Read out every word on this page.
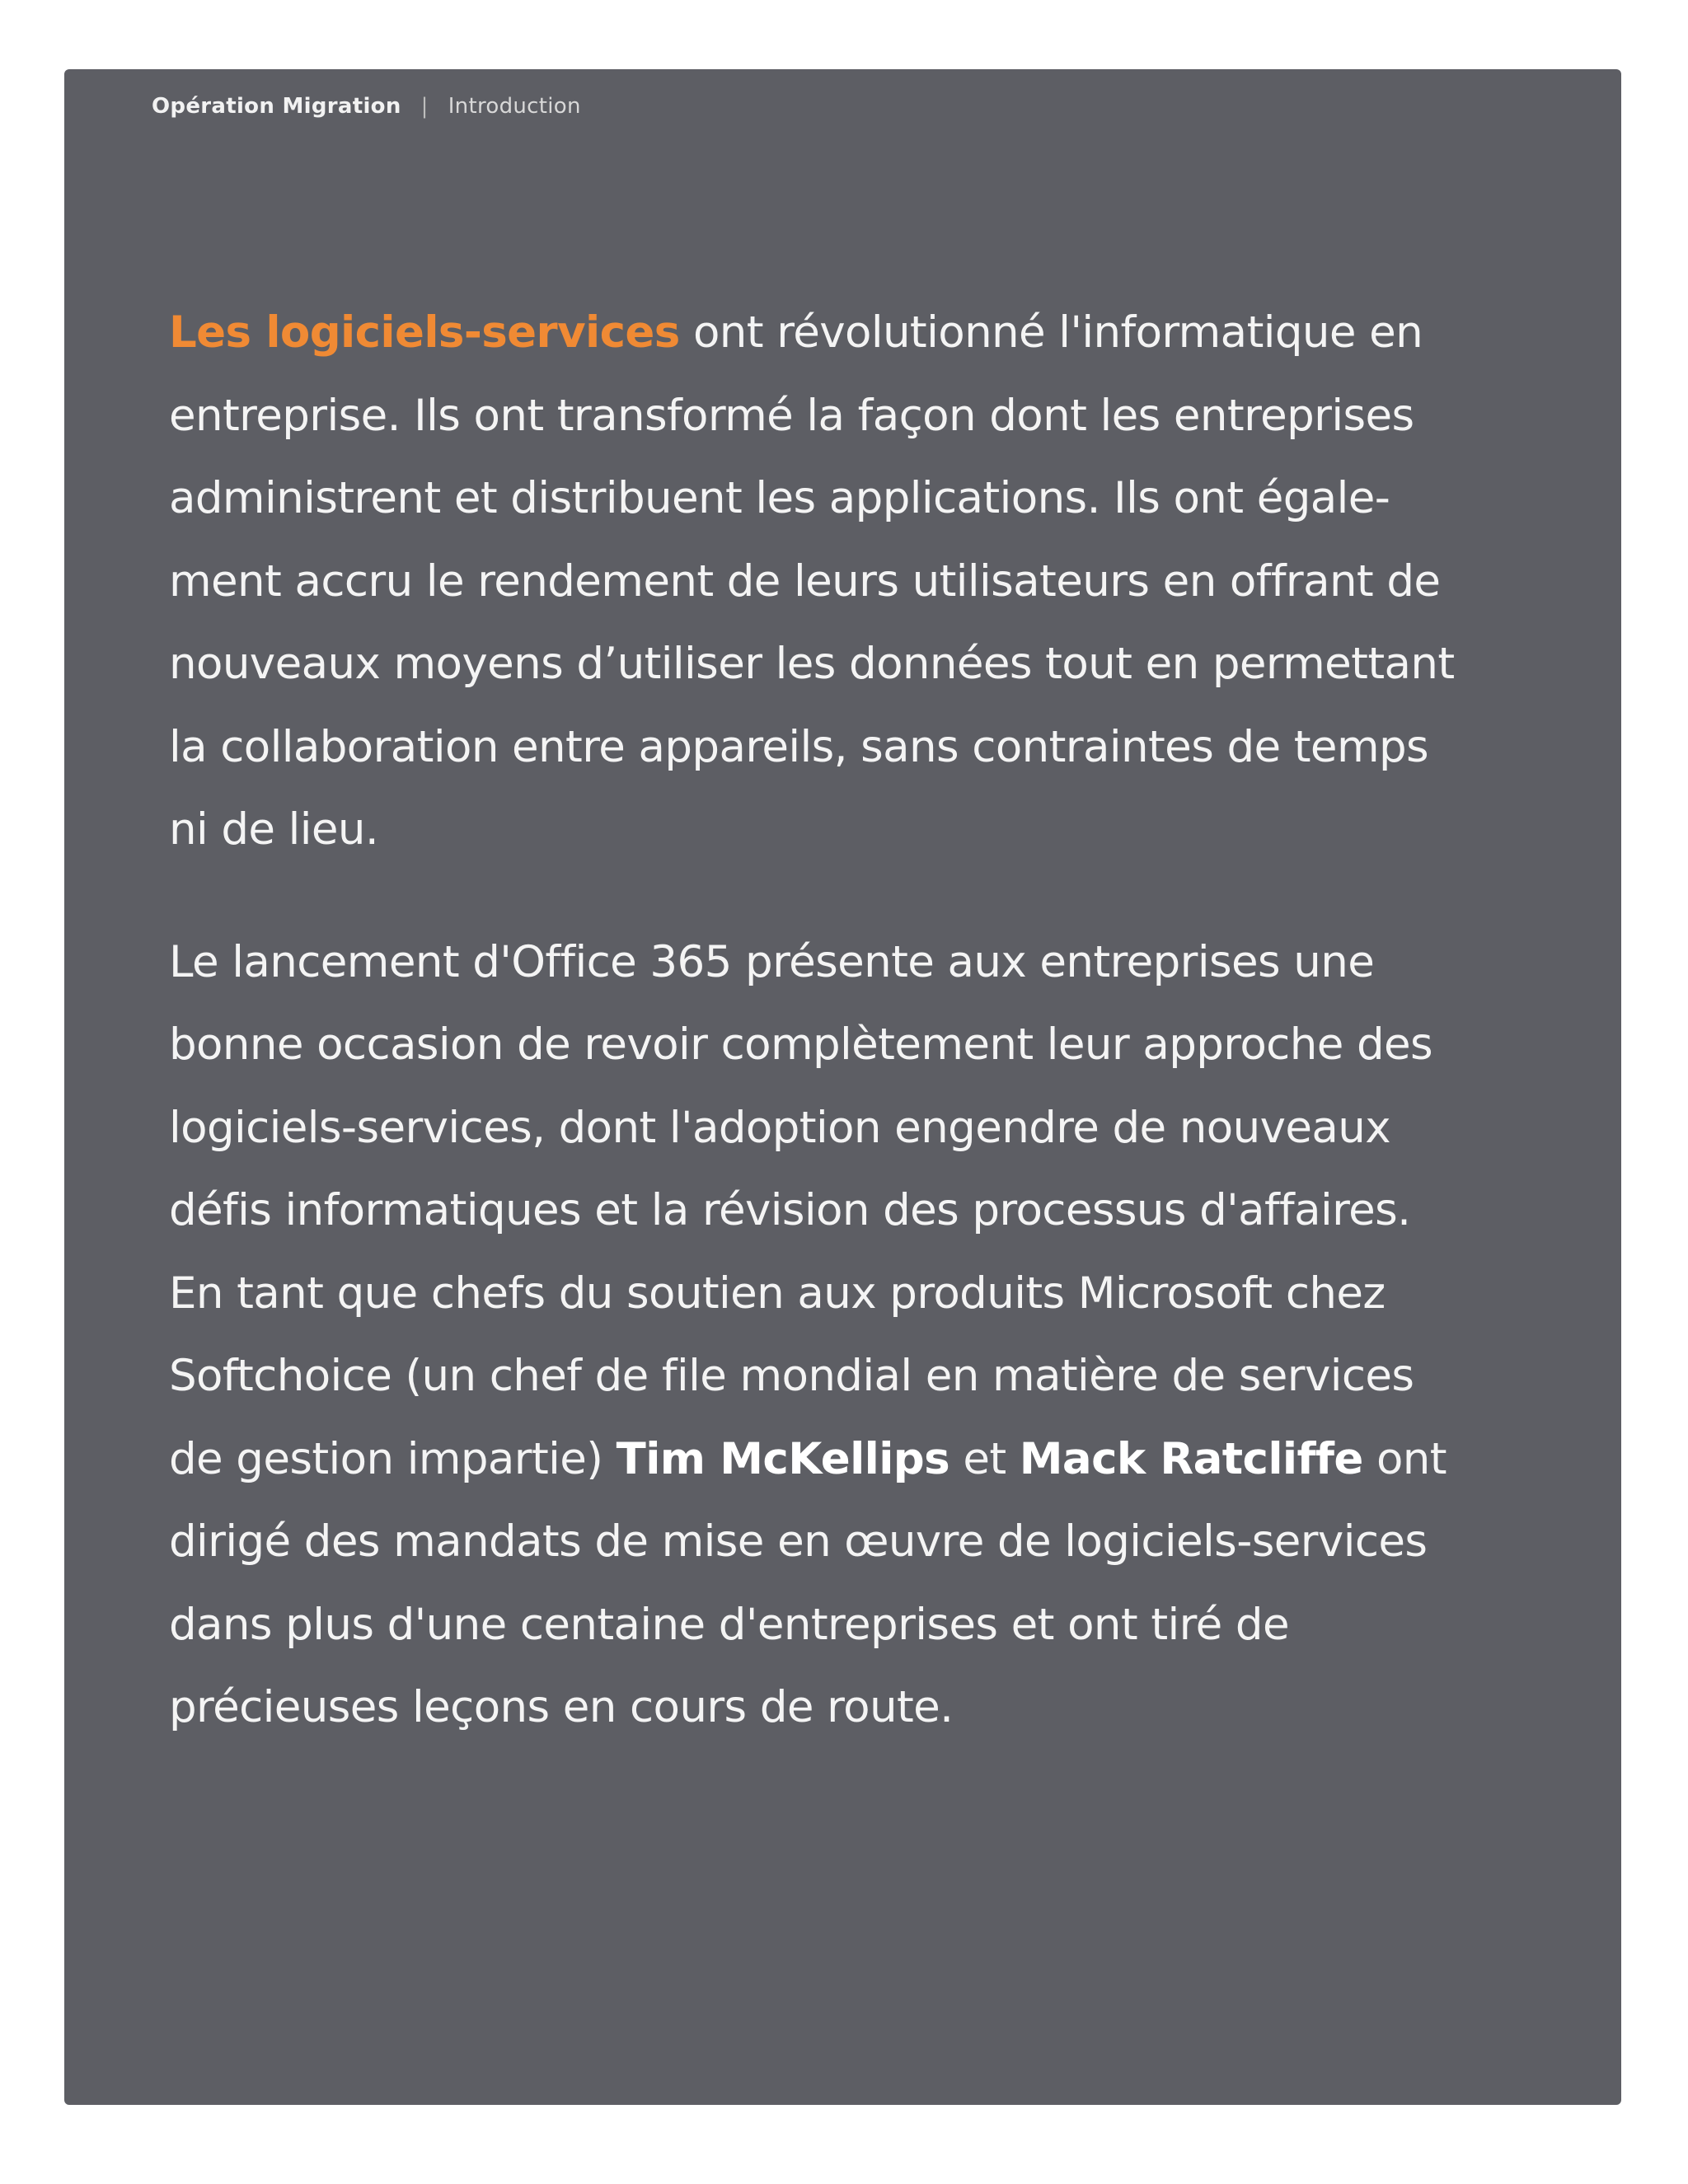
Opération Migration | Introduction

Les logiciels-services ont révolutionné l'informatique en
entreprise. Ils ont transformé la façon dont les entreprises
administrent et distribuent les applications. Ils ont égale-
ment accru le rendement de leurs utilisateurs en offrant de
nouveaux moyens d’utiliser les données tout en permettant
la collaboration entre appareils, sans contraintes de temps
ni de lieu.

Le lancement d'Office 365 présente aux entreprises une
bonne occasion de revoir complètement leur approche des
logiciels-services, dont l'adoption engendre de nouveaux
défis informatiques et la révision des processus d'affaires.
En tant que chefs du soutien aux produits Microsoft chez
Softchoice (un chef de file mondial en matière de services
de gestion impartie) Tim McKellips et Mack Ratcliffe ont
dirigé des mandats de mise en œuvre de logiciels-services
dans plus d'une centaine d'entreprises et ont tiré de
précieuses leçons en cours de route.
